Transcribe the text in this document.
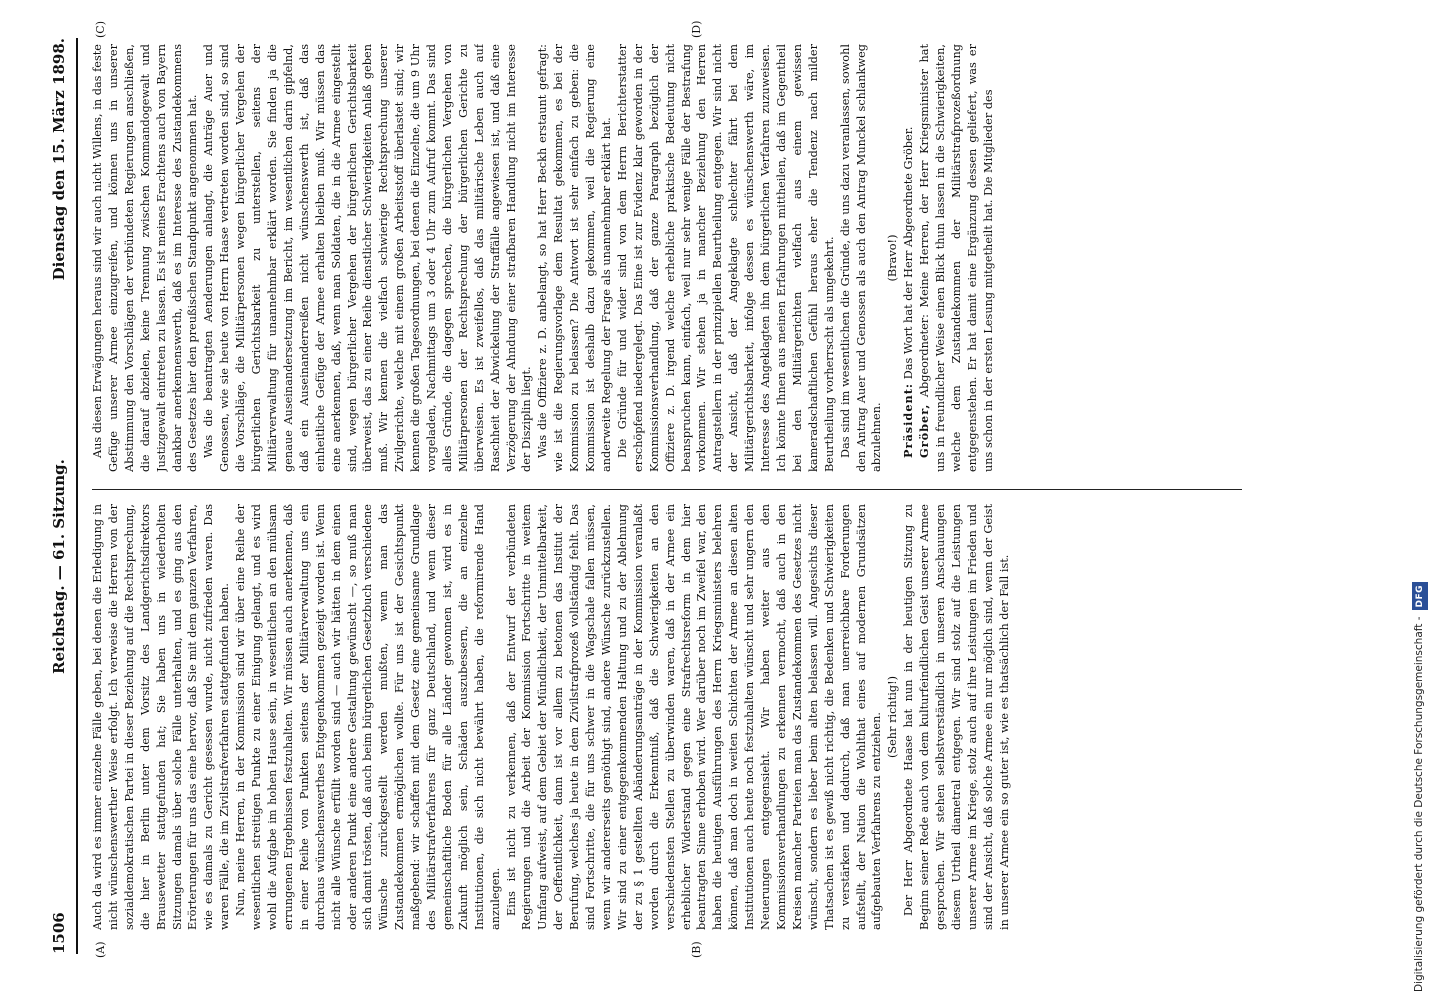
1506
Reichstag. — 61. Sitzung.
Dienstag den 15. März 1898.
(A)	(B)
(C)	(D)

Auch da wird es immer einzelne Fälle geben, bei denen die Erledigung in nicht wünschenswerther Weise erfolgt. Ich verweise die Herren von der sozialdemokratischen Partei in dieser Beziehung auf die Rechtsprechung, die hier in Berlin unter dem Vorsitz des Landgerichtsdirektors Brausewetter stattgefunden hat; Sie haben uns in wiederholten Sitzungen damals über solche Fälle unterhalten, und es ging aus den Erörterungen für uns das eine hervor, daß Sie mit dem ganzen Verfahren, wie es damals zu Gericht gesessen wurde, nicht zufrieden waren. Das waren Fälle, die im Zivilstrafverfahren stattgefunden haben. Nun, meine Herren, in der Kommission sind wir über eine Reihe der wesentlichen streitigen Punkte zu einer Einigung gelangt, und es wird wohl die Aufgabe im hohen Hause sein, in wesentlichen an den mühsam errungenen Ergebnissen festzuhalten. Wir müssen auch anerkennen, daß in einer Reihe von Punkten seitens der Militärverwaltung uns ein durchaus wünschenswerthes Entgegenkommen gezeigt worden ist. Wenn nicht alle Wünsche erfüllt worden sind — auch wir hätten in dem einen oder anderen Punkt eine andere Gestaltung gewünscht —, so muß man sich damit trösten, daß auch beim bürgerlichen Gesetzbuch verschiedene Wünsche zurückgestellt werden mußten, wenn man das Zustandekommen ermöglichen wollte. Für uns ist der Gesichtspunkt maßgebend: wir schaffen mit dem Gesetz eine gemeinsame Grundlage des Militärstrafverfahrens für ganz Deutschland, und wenn dieser gemeinschaftliche Boden für alle Länder gewonnen ist, wird es in Zukunft möglich sein, Schäden auszubessern, die an einzelne Institutionen, die sich nicht bewährt haben, die reformirende Hand anzulegen. Eins ist nicht zu verkennen, daß der Entwurf der verbündeten Regierungen und die Arbeit der Kommission Fortschritte in weitem Umfang aufweist, auf dem Gebiet der Mündlichkeit, der Unmittelbarkeit, der Oeffentlichkeit, dann ist vor allem zu betonen das Institut der Berufung, welches ja heute in dem Zivilstrafprozeß vollständig fehlt. Das sind Fortschritte, die für uns schwer in die Wagschale fallen müssen, wenn wir andererseits genöthigt sind, andere Wünsche zurückzustellen. Wir sind zu einer entgegenkommenden Haltung und zu der Ablehnung der zu § 1 gestellten Abänderungsanträge in der Kommission veranlaßt worden durch die Erkenntniß, daß die Schwierigkeiten an den verschiedensten Stellen zu überwinden waren, daß in der Armee ein erheblicher Widerstand gegen eine Strafrechtsreform in dem hier beantragten Sinne erhoben wird. Wer darüber noch im Zweifel war, den haben die heutigen Ausführungen des Herrn Kriegsministers belehren können, daß man doch in weiten Schichten der Armee an diesen alten Institutionen auch heute noch festzuhalten wünscht und sehr ungern den Neuerungen entgegensieht. Wir haben weiter aus den Kommissionsverhandlungen zu erkennen vermocht, daß auch in den Kreisen mancher Parteien man das Zustandekommen des Gesetzes nicht wünscht, sondern es lieber beim alten belassen will. Angesichts dieser Thatsachen ist es gewiß nicht richtig, die Bedenken und Schwierigkeiten zu verstärken und dadurch, daß man unerreichbare Forderungen aufstellt, der Nation die Wohlthat eines auf modernen Grundsätzen aufgebauten Verfahrens zu entziehen. (Sehr richtig!) Der Herr Abgeordnete Haase hat nun in der heutigen Sitzung zu Beginn seiner Rede auch von dem kulturfeindlichen Geist unserer Armee gesprochen. Wir stehen selbstverständlich in unseren Anschauungen diesem Urtheil diametral entgegen. Wir sind stolz auf die Leistungen unserer Armee im Kriege, stolz auch auf ihre Leistungen im Frieden und sind der Ansicht, daß solche Armee ein nur möglich sind, wenn der Geist in unserer Armee ein so guter ist, wie es thatsächlich der Fall ist.

Aus diesen Erwägungen heraus sind wir auch nicht Willens, in das feste Gefüge unserer Armee einzugreifen, und können uns in unserer Abstimmung den Vorschlägen der verbündeten Regierungen anschließen, die darauf abzielen, keine Trennung zwischen Kommandogewalt und Justizgewalt eintreten zu lassen. Es ist meines Erachtens auch von Bayern dankbar anerkennenswerth, daß es im Interesse des Zustandekommens des Gesetzes hier den preußischen Standpunkt angenommen hat. Was die beantragten Aenderungen anlangt, die Anträge Auer und Genossen, wie sie heute von Herrn Haase vertreten worden sind, so sind die Vorschläge, die Militärpersonen wegen bürgerlicher Vergehen der bürgerlichen Gerichtsbarkeit zu unterstellen, seitens der Militärverwaltung für unannehmbar erklärt worden. Sie finden ja die genaue Auseinandersetzung im Bericht, im wesentlichen darin gipfelnd, daß ein Auseinanderreißen nicht wünschenswerth ist, daß das einheitliche Gefüge der Armee erhalten bleiben muß. Wir müssen das eine anerkennen, daß, wenn man Soldaten, die in die Armee eingestellt sind, wegen bürgerlicher Vergehen der bürgerlichen Gerichtsbarkeit überweist, das zu einer Reihe dienstlicher Schwierigkeiten Anlaß geben muß. Wir kennen die vielfach schwierige Rechtsprechung unserer Zivilgerichte, welche mit einem großen Arbeitsstoff überlastet sind; wir kennen die großen Tagesordnungen, bei denen die Einzelne, die um 9 Uhr vorgeladen, Nachmittags um 3 oder 4 Uhr zum Aufruf kommt. Das sind alles Gründe, die dagegen sprechen, die bürgerlichen Vergehen von Militärpersonen der Rechtsprechung der bürgerlichen Gerichte zu überweisen. Es ist zweifellos, daß das militärische Leben auch auf Raschheit der Abwickelung der Straffälle angewiesen ist, und daß eine Verzögerung der Ahndung einer strafbaren Handlung nicht im Interesse der Disziplin liegt. Was die Offiziere z. D. anbelangt, so hat Herr Beckh erstaunt gefragt: wie ist die Regierungsvorlage dem Resultat gekommen, es bei der Kommission zu belassen? Die Antwort ist sehr einfach zu geben: die Kommission ist deshalb dazu gekommen, weil die Regierung eine anderweite Regelung der Frage als unannehmbar erklärt hat. Die Gründe für und wider sind von dem Herrn Berichterstatter erschöpfend niedergelegt. Das Eine ist zur Evidenz klar geworden in der Kommissionsverhandlung, daß der ganze Paragraph bezüglich der Offiziere z. D. irgend welche erhebliche praktische Bedeutung nicht beanspruchen kann, einfach, weil nur sehr wenige Fälle der Bestrafung vorkommen. Wir stehen ja in mancher Beziehung den Herren Antragstellern in der prinzipiellen Beurtheilung entgegen. Wir sind nicht der Ansicht, daß der Angeklagte schlechter fährt bei dem Militärgerichtsbarkeit, infolge dessen es wünschenswerth wäre, im Interesse des Angeklagten ihn dem bürgerlichen Verfahren zuzuweisen. Ich könnte Ihnen aus meinen Erfahrungen mittheilen, daß im Gegentheil bei den Militärgerichten vielfach aus einem gewissen kameradschaftlichen Gefühl heraus eher die Tendenz nach milder Beurtheilung vorherrscht als umgekehrt. Das sind im wesentlichen die Gründe, die uns dazu veranlassen, sowohl den Antrag Auer und Genossen als auch den Antrag Munckel schlankweg abzulehnen.

(Bravo!)

Präsident: Das Wort hat der Herr Abgeordnete Gröber.

Gröber, Abgeordneter: Meine Herren, der Herr Kriegsminister hat uns in freundlicher Weise einen Blick thun lassen in die Schwierigkeiten, welche dem Zustandekommen der Militärstrafprozeßordnung entgegenstehen. Er hat damit eine Ergänzung dessen geliefert, was er uns schon in der ersten Lesung mitgetheilt hat. Die Mitglieder des

Digitalisierung gefördert durch die Deutsche Forschungsgemeinschaft -DFG
